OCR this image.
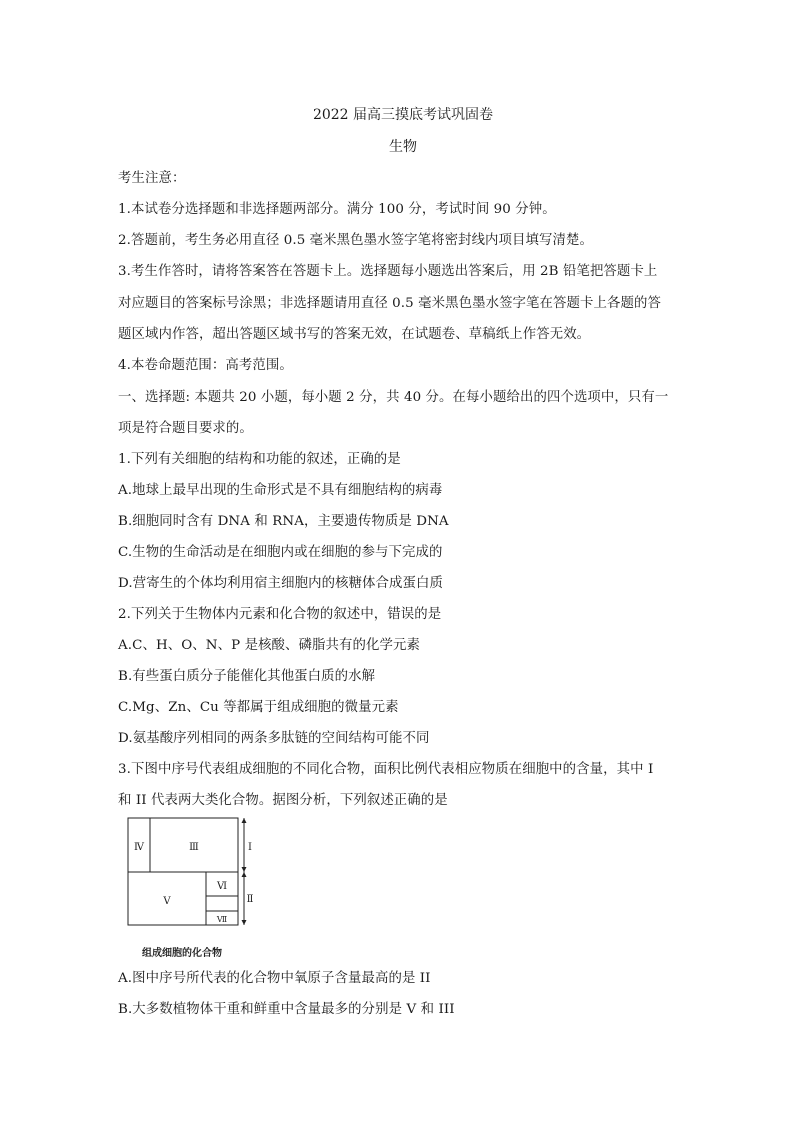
2022 届高三摸底考试巩固卷
生物
考生注意：
1.本试卷分选择题和非选择题两部分。满分 100 分，考试时间 90 分钟。
2.答题前，考生务必用直径 0.5 毫米黑色墨水签字笔将密封线内项目填写清楚。
3.考生作答时，请将答案答在答题卡上。选择题每小题选出答案后，用 2B 铅笔把答题卡上
对应题目的答案标号涂黑；非选择题请用直径 0.5 毫米黑色墨水签字笔在答题卡上各题的答
题区域内作答，超出答题区域书写的答案无效，在试题卷、草稿纸上作答无效。
4.本卷命题范围：高考范围。
一、选择题: 本题共 20 小题，每小题 2 分，共 40 分。在每小题给出的四个选项中，只有一
项是符合题目要求的。
1.下列有关细胞的结构和功能的叙述，正确的是
A.地球上最早出现的生命形式是不具有细胞结构的病毒
B.细胞同时含有 DNA 和 RNA，主要遗传物质是 DNA
C.生物的生命活动是在细胞内或在细胞的参与下完成的
D.营寄生的个体均利用宿主细胞内的核糖体合成蛋白质
2.下列关于生物体内元素和化合物的叙述中，错误的是
A.C、H、O、N、P 是核酸、磷脂共有的化学元素
B.有些蛋白质分子能催化其他蛋白质的水解
C.Mg、Zn、Cu 等都属于组成细胞的微量元素
D.氨基酸序列相同的两条多肽链的空间结构可能不同
3.下图中序号代表组成细胞的不同化合物，面积比例代表相应物质在细胞中的含量，其中 I
和 II 代表两大类化合物。据图分析，下列叙述正确的是
Ⅳ	Ⅲ	Ⅰ
Ⅴ
Ⅵ
Ⅶ
Ⅱ
组成细胞的化合物
A.图中序号所代表的化合物中氧原子含量最高的是 II
B.大多数植物体干重和鲜重中含量最多的分别是 V 和 III
